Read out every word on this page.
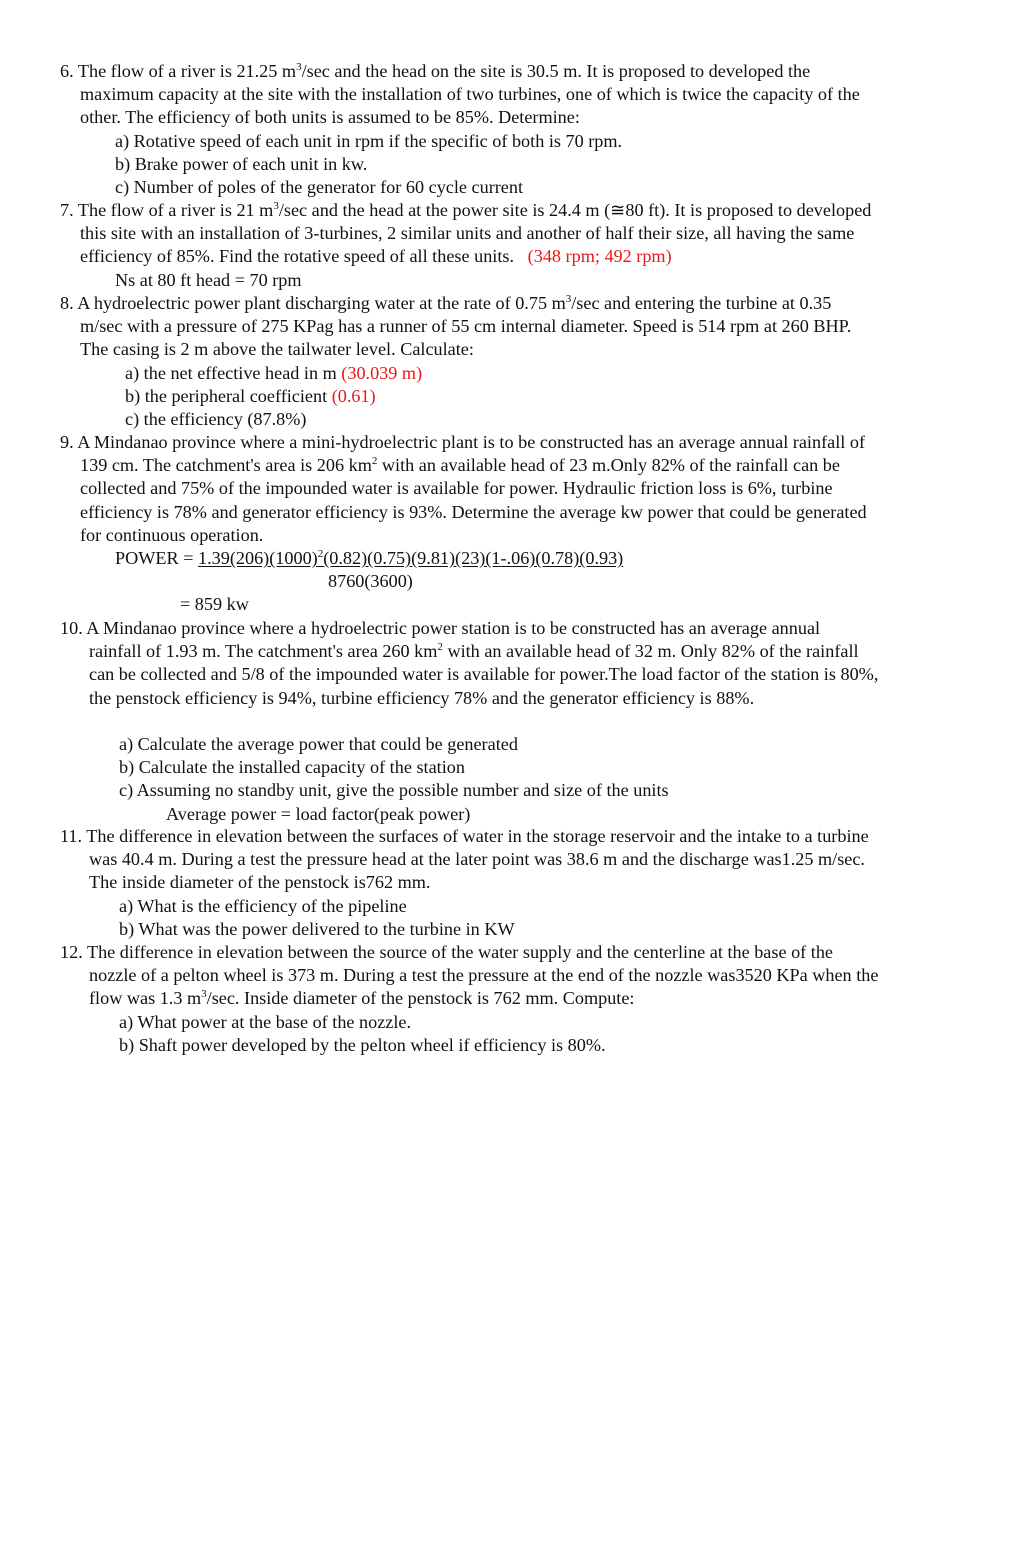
6. The flow of a river is 21.25 $m^3/\sec$ and the head on the site is 30.5 m. It is proposed to developed the
maximum capacity at the site with the installation of two turbines, one of which is twice the capacity of the
other. The efficiency of both units is assumed to be 85%. Determine:
a) Rotative speed of each unit in rpm if the specific of both is 70 rpm.
b) Brake power of each unit in kw.
c) Number of poles of the generator for 60 cycle current
7. The flow of a river is 21 $m^3/\sec$ and the head at the power site is 24.4 m (≅80 ft). It is proposed to developed
this site with an installation of 3-turbines, 2 similar units and another of half their size, all having the same
efficiency of 85%. Find the rotative speed of all these units. (348 rpm; 492 rpm)
Ns at 80 ft head = 70 rpm
8. A hydroelectric power plant discharging water at the rate of 0.75 $m^3/\sec$ and entering the turbine at 0.35
m/sec with a pressure of 275 KPag has a runner of 55 cm internal diameter. Speed is 514 rpm at 260 BHP.
The casing is 2 m above the tailwater level. Calculate:
a) the net effective head in m (30.039 m)
b) the peripheral coefficient (0.61)
c) the efficiency (87.8%)
9. A Mindanao province where a mini-hydroelectric plant is to be constructed has an average annual rainfall of
139 cm. The catchment's area is 206 $km^2$ with an available head of 23 m.Only 82% of the rainfall can be
collected and 75% of the impounded water is available for power. Hydraulic friction loss is 6%, turbine
efficiency is 78% and generator efficiency is 93%. Determine the average kw power that could be generated
for continuous operation.
POWER = $1.39(206)(1000)^2(0.82)(0.75)(9.81)(23)(1-.06)(0.78)(0.93)$
8760(3600)
= 859 kw
10. A Mindanao province where a hydroelectric power station is to be constructed has an average annual
rainfall of 1.93 m. The catchment's area 260 $km^2$ with an available head of 32 m. Only 82% of the rainfall
can be collected and 5/8 of the impounded water is available for power.The load factor of the station is 80%,
the penstock efficiency is 94%, turbine efficiency 78% and the generator efficiency is 88%.
a) Calculate the average power that could be generated
b) Calculate the installed capacity of the station
c) Assuming no standby unit, give the possible number and size of the units
Average power = load factor(peak power)
11. The difference in elevation between the surfaces of water in the storage reservoir and the intake to a turbine
was 40.4 m. During a test the pressure head at the later point was 38.6 m and the discharge was1.25 m/sec.
The inside diameter of the penstock is762 mm.
a) What is the efficiency of the pipeline
b) What was the power delivered to the turbine in KW
12. The difference in elevation between the source of the water supply and the centerline at the base of the
nozzle of a pelton wheel is 373 m. During a test the pressure at the end of the nozzle was3520 KPa when the
flow was 1.3 $m^3/\sec$. Inside diameter of the penstock is 762 mm. Compute:
a) What power at the base of the nozzle.
b) Shaft power developed by the pelton wheel if efficiency is 80%.
